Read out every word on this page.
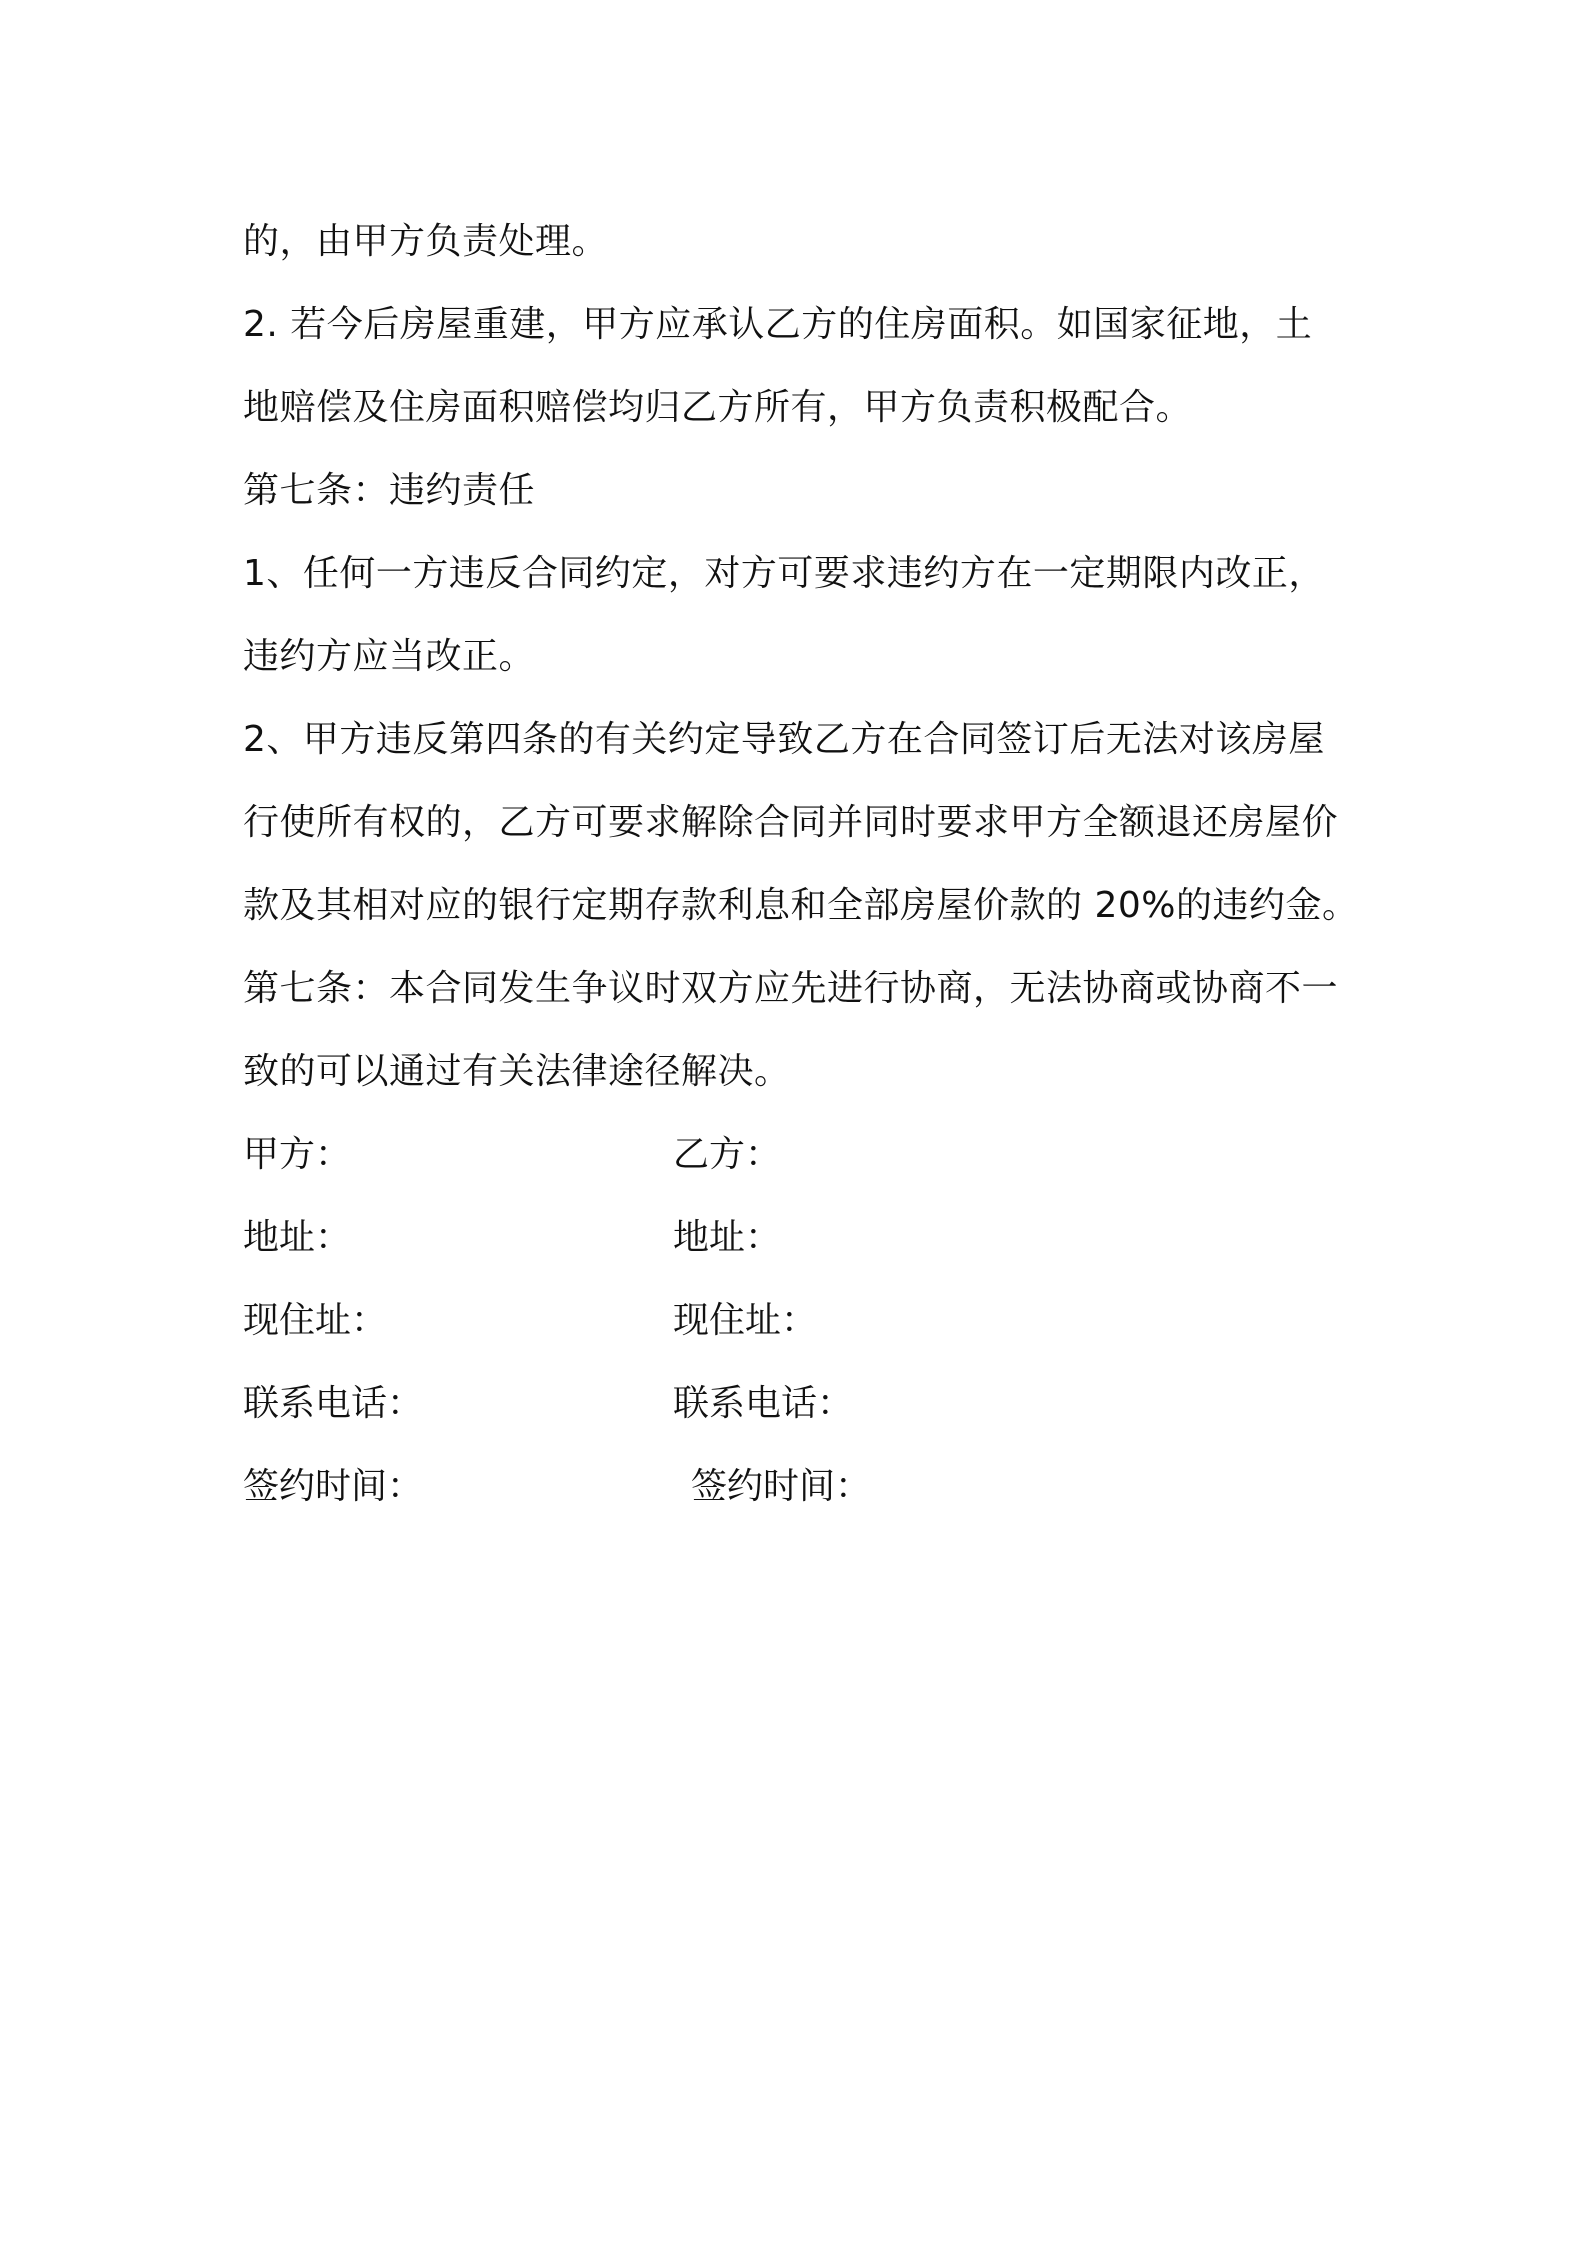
的，由甲方负责处理。
2. 若今后房屋重建，甲方应承认乙方的住房面积。如国家征地，土
地赔偿及住房面积赔偿均归乙方所有，甲方负责积极配合。
第七条：违约责任
1、任何一方违反合同约定，对方可要求违约方在一定期限内改正，
违约方应当改正。
2、甲方违反第四条的有关约定导致乙方在合同签订后无法对该房屋
行使所有权的，乙方可要求解除合同并同时要求甲方全额退还房屋价
款及其相对应的银行定期存款利息和全部房屋价款的 20%的违约金。
第七条：本合同发生争议时双方应先进行协商，无法协商或协商不一
致的可以通过有关法律途径解决。
甲方：	乙方：
地址：	地址：
现住址：	现住址：
联系电话：	联系电话：
签约时间：	签约时间：
